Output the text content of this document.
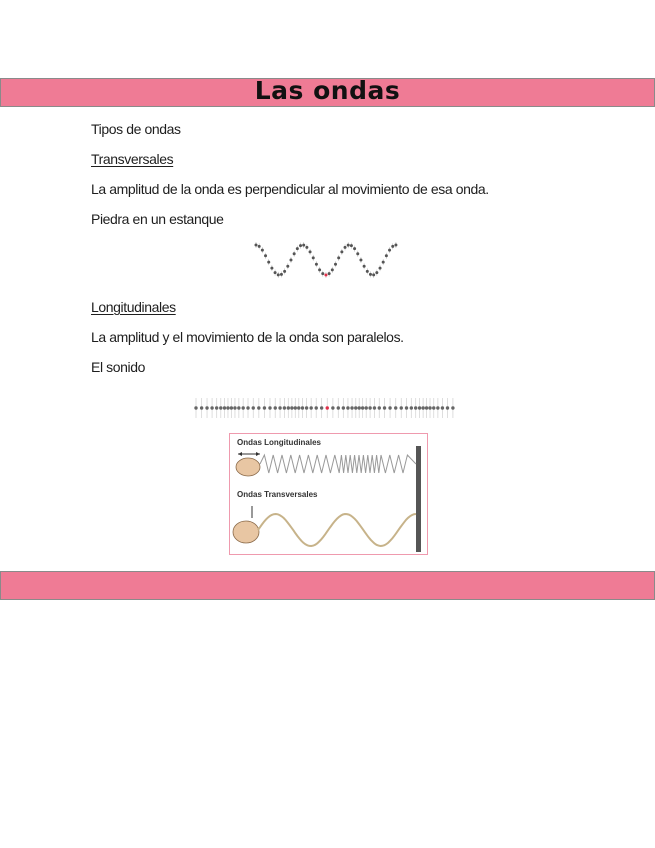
Las ondas
Tipos de ondas
Transversales
La amplitud de la onda es perpendicular al movimiento de esa onda.
Piedra en un estanque
Longitudinales
La amplitud y el movimiento de la onda son paralelos.
El sonido
Ondas Longitudinales
Ondas Transversales
